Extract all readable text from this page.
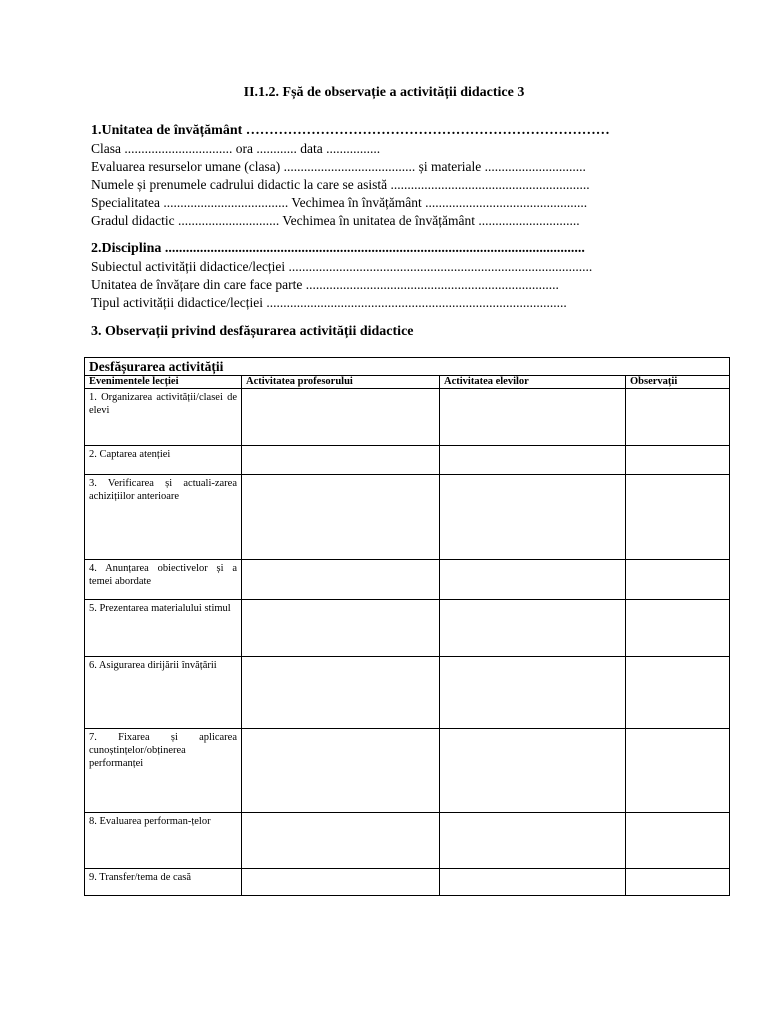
II.1.2. Fșă de observație a activității didactice 3
1.Unitatea de învățământ ……………………………………………………………………
Clasa ................................ ora ............ data ................
Evaluarea resurselor umane (clasa) ....................................... și materiale ..............................
Numele și prenumele cadrului didactic la care se asistă ...........................................................
Specialitatea ..................................... Vechimea în învățământ ................................................
Gradul didactic .............................. Vechimea în unitatea de învățământ ..............................
2.Disciplina ........................................................................................................................
Subiectul activității didactice/lecției ..........................................................................................
Unitatea de învățare din care face parte ...........................................................................
Tipul activității didactice/lecției .........................................................................................
3. Observații privind desfășurarea activității didactice
Desfășurarea activității			
Evenimentele lecției	Activitatea profesorului	Activitatea elevilor	Observații
1. Organizarea activității/clasei de elevi			
2. Captarea atenției			
3. Verificarea și actuali-zarea achizițiilor anterioare			
4. Anunțarea obiectivelor și a temei abordate			
5. Prezentarea materialului stimul			
6. Asigurarea dirijării învățării			
7. Fixarea și aplicarea cunoștințelor/obținerea performanței			
8. Evaluarea performan-țelor			
9. Transfer/tema de casă			
